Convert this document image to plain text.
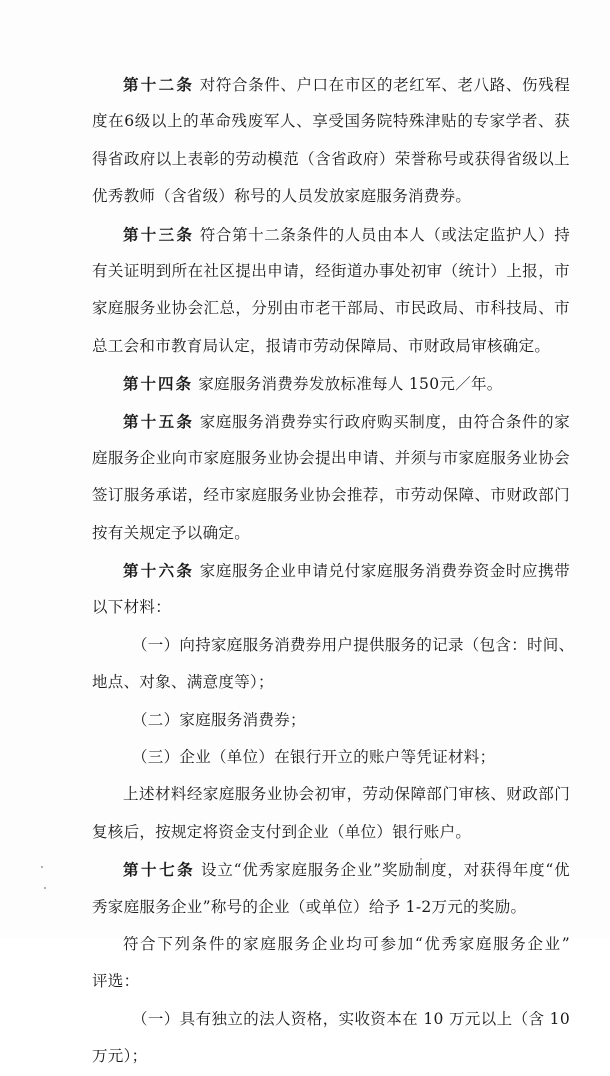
第十二条 对符合条件、户口在市区的老红军、老八路、伤残程
度在6级以上的革命残废军人、享受国务院特殊津贴的专家学者、获
得省政府以上表彰的劳动模范（含省政府）荣誉称号或获得省级以上
优秀教师（含省级）称号的人员发放家庭服务消费券。
第十三条 符合第十二条条件的人员由本人（或法定监护人）持
有关证明到所在社区提出申请，经街道办事处初审（统计）上报，市
家庭服务业协会汇总，分别由市老干部局、市民政局、市科技局、市
总工会和市教育局认定，报请市劳动保障局、市财政局审核确定。
第十四条 家庭服务消费券发放标准每人 150元／年。
第十五条 家庭服务消费券实行政府购买制度，由符合条件的家
庭服务企业向市家庭服务业协会提出申请、并须与市家庭服务业协会
签订服务承诺，经市家庭服务业协会推荐，市劳动保障、市财政部门
按有关规定予以确定。
第十六条 家庭服务企业申请兑付家庭服务消费券资金时应携带
以下材料：
（一）向持家庭服务消费券用户提供服务的记录（包含：时间、
地点、对象、满意度等）；
（二）家庭服务消费券；
（三）企业（单位）在银行开立的账户等凭证材料；
上述材料经家庭服务业协会初审，劳动保障部门审核、财政部门
复核后，按规定将资金支付到企业（单位）银行账户。
第十七条 设立“优秀家庭服务企业”奖励制度，对获得年度“优
秀家庭服务企业”称号的企业（或单位）给予 1-2万元的奖励。
符合下列条件的家庭服务企业均可参加“优秀家庭服务企业”
评选：
（一）具有独立的法人资格，实收资本在 10 万元以上（含 10
万元）；
